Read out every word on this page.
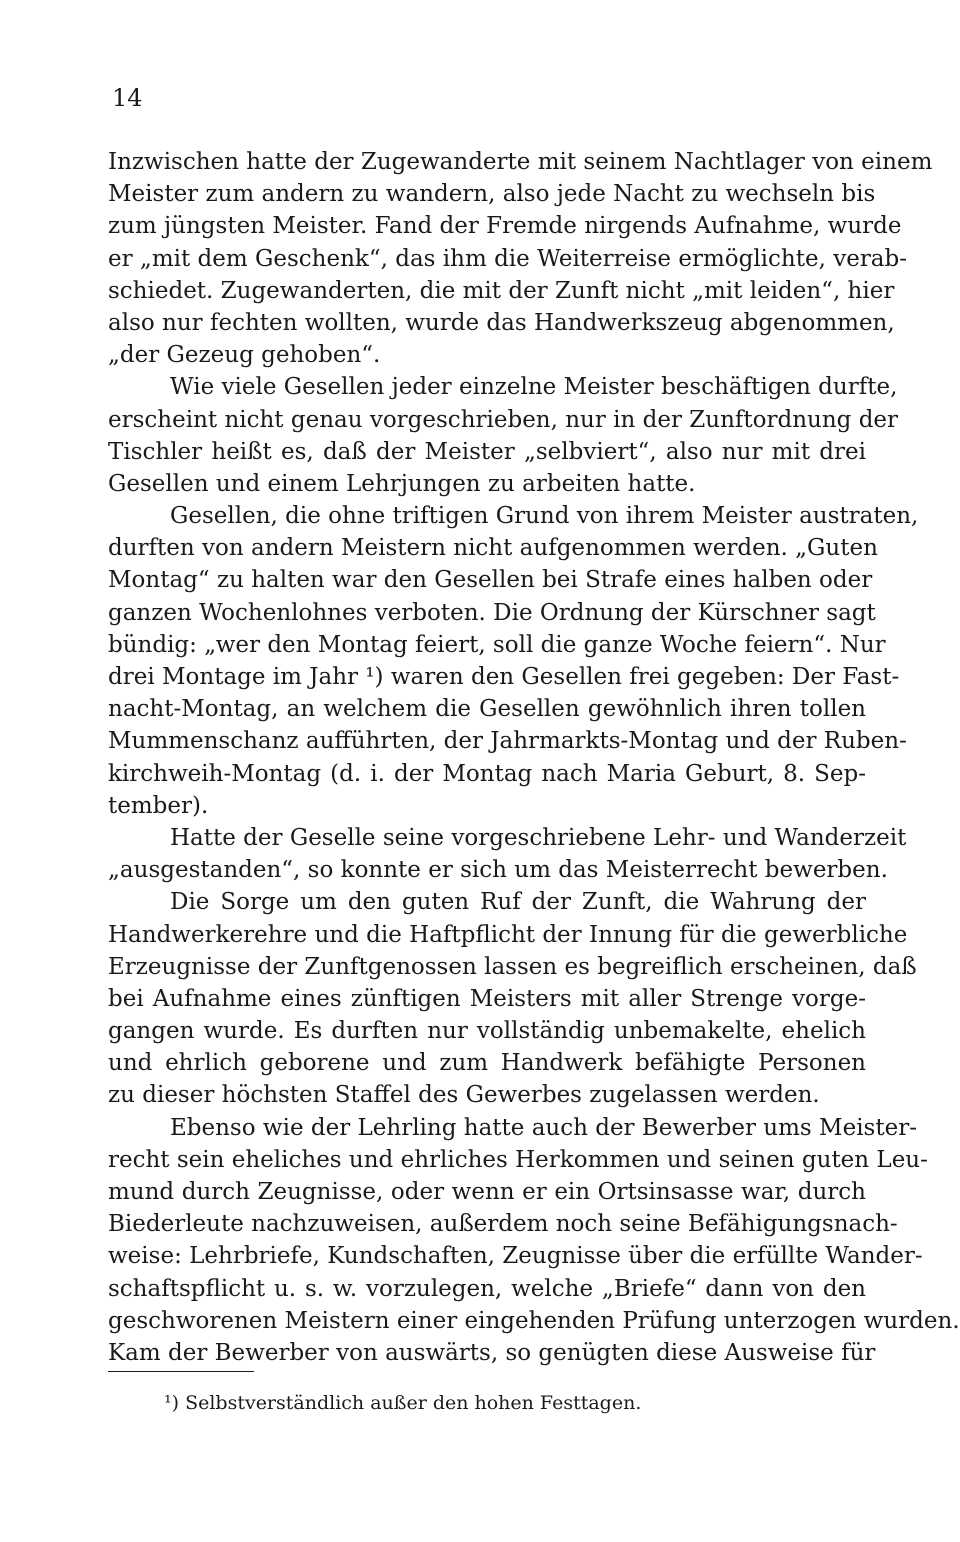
14
Inzwischen hatte der Zugewanderte mit seinem Nachtlager von einem
Meister zum andern zu wandern, also jede Nacht zu wechseln bis
zum jüngsten Meister. Fand der Fremde nirgends Aufnahme, wurde
er „mit dem Geschenk“, das ihm die Weiterreise ermöglichte, verab-
schiedet. Zugewanderten, die mit der Zunft nicht „mit leiden“, hier
also nur fechten wollten, wurde das Handwerkszeug abgenommen,
„der Gezeug gehoben“.
Wie viele Gesellen jeder einzelne Meister beschäftigen durfte,
erscheint nicht genau vorgeschrieben, nur in der Zunftordnung der
Tischler heißt es, daß der Meister „selbviert“, also nur mit drei
Gesellen und einem Lehrjungen zu arbeiten hatte.
Gesellen, die ohne triftigen Grund von ihrem Meister austraten,
durften von andern Meistern nicht aufgenommen werden. „Guten
Montag“ zu halten war den Gesellen bei Strafe eines halben oder
ganzen Wochenlohnes verboten. Die Ordnung der Kürschner sagt
bündig: „wer den Montag feiert, soll die ganze Woche feiern“. Nur
drei Montage im Jahr ¹) waren den Gesellen frei gegeben: Der Fast-
nacht-Montag, an welchem die Gesellen gewöhnlich ihren tollen
Mummenschanz aufführten, der Jahrmarkts-Montag und der Ruben-
kirchweih-Montag (d. i. der Montag nach Maria Geburt, 8. Sep-
tember).
Hatte der Geselle seine vorgeschriebene Lehr- und Wanderzeit
„ausgestanden“, so konnte er sich um das Meisterrecht bewerben.
Die Sorge um den guten Ruf der Zunft, die Wahrung der
Handwerkerehre und die Haftpflicht der Innung für die gewerbliche
Erzeugnisse der Zunftgenossen lassen es begreiflich erscheinen, daß
bei Aufnahme eines zünftigen Meisters mit aller Strenge vorge-
gangen wurde. Es durften nur vollständig unbemakelte, ehelich
und ehrlich geborene und zum Handwerk befähigte Personen
zu dieser höchsten Staffel des Gewerbes zugelassen werden.
Ebenso wie der Lehrling hatte auch der Bewerber ums Meister-
recht sein eheliches und ehrliches Herkommen und seinen guten Leu-
mund durch Zeugnisse, oder wenn er ein Ortsinsasse war, durch
Biederleute nachzuweisen, außerdem noch seine Befähigungsnach-
weise: Lehrbriefe, Kundschaften, Zeugnisse über die erfüllte Wander-
schaftspflicht u. s. w. vorzulegen, welche „Briefe“ dann von den
geschworenen Meistern einer eingehenden Prüfung unterzogen wurden.
Kam der Bewerber von auswärts, so genügten diese Ausweise für
¹) Selbstverständlich außer den hohen Festtagen.
